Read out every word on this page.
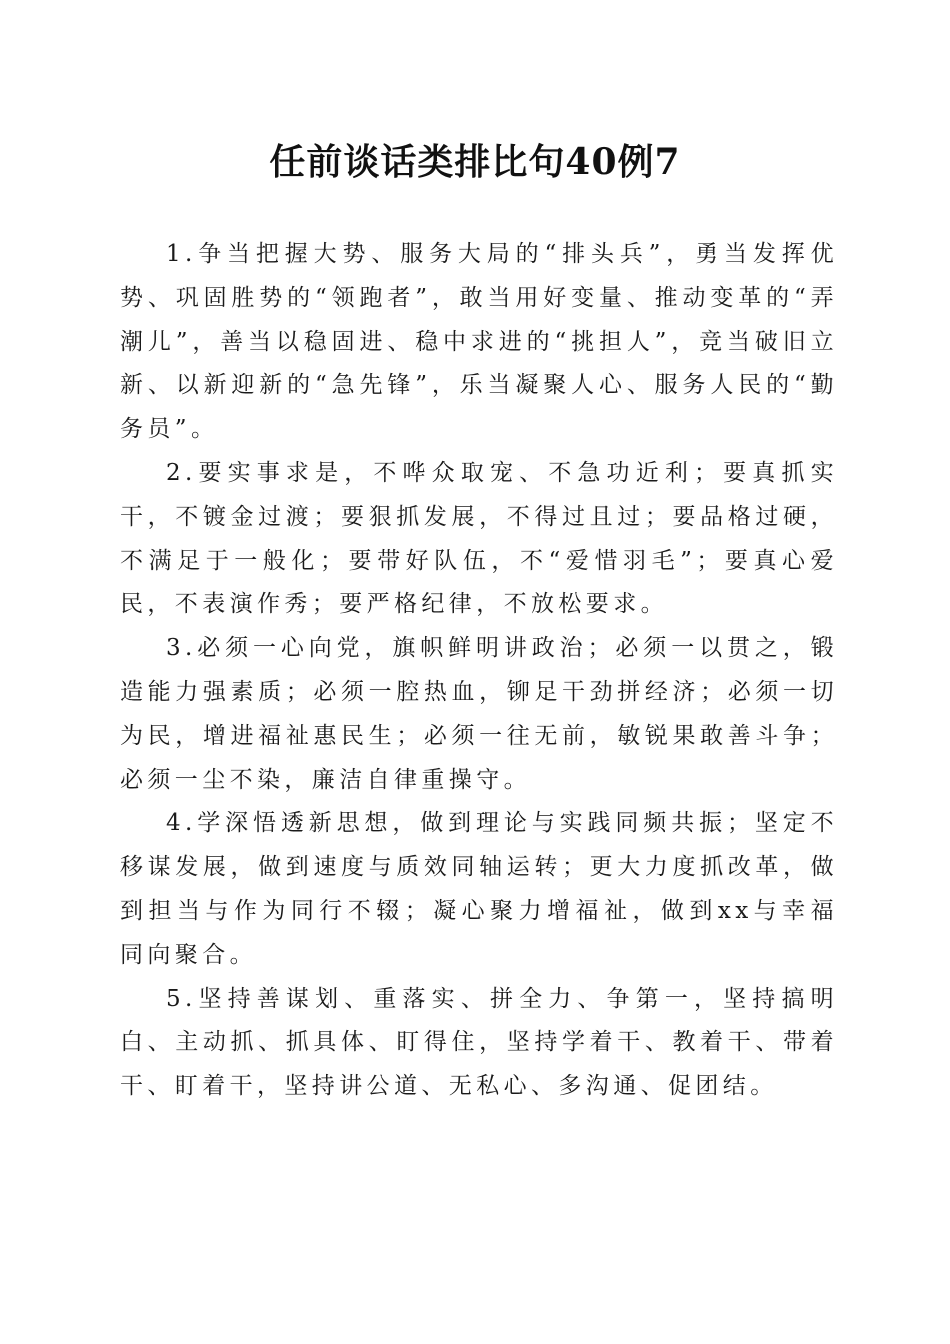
任前谈话类排比句40例7

1.争当把握大势、服务大局的“排头兵”，勇当发挥优势、巩固胜势的“领跑者”，敢当用好变量、推动变革的“弄潮儿”，善当以稳固进、稳中求进的“挑担人”，竞当破旧立新、以新迎新的“急先锋”，乐当凝聚人心、服务人民的“勤务员”。

2.要实事求是，不哗众取宠、不急功近利；要真抓实干，不镀金过渡；要狠抓发展，不得过且过；要品格过硬，不满足于一般化；要带好队伍，不“爱惜羽毛”；要真心爱民，不表演作秀；要严格纪律，不放松要求。

3.必须一心向党，旗帜鲜明讲政治；必须一以贯之，锻造能力强素质；必须一腔热血，铆足干劲拼经济；必须一切为民，增进福祉惠民生；必须一往无前，敏锐果敢善斗争；必须一尘不染，廉洁自律重操守。

4.学深悟透新思想，做到理论与实践同频共振；坚定不移谋发展，做到速度与质效同轴运转；更大力度抓改革，做到担当与作为同行不辍；凝心聚力增福祉，做到xx与幸福同向聚合。

5.坚持善谋划、重落实、拼全力、争第一，坚持搞明白、主动抓、抓具体、盯得住，坚持学着干、教着干、带着干、盯着干，坚持讲公道、无私心、多沟通、促团结。
